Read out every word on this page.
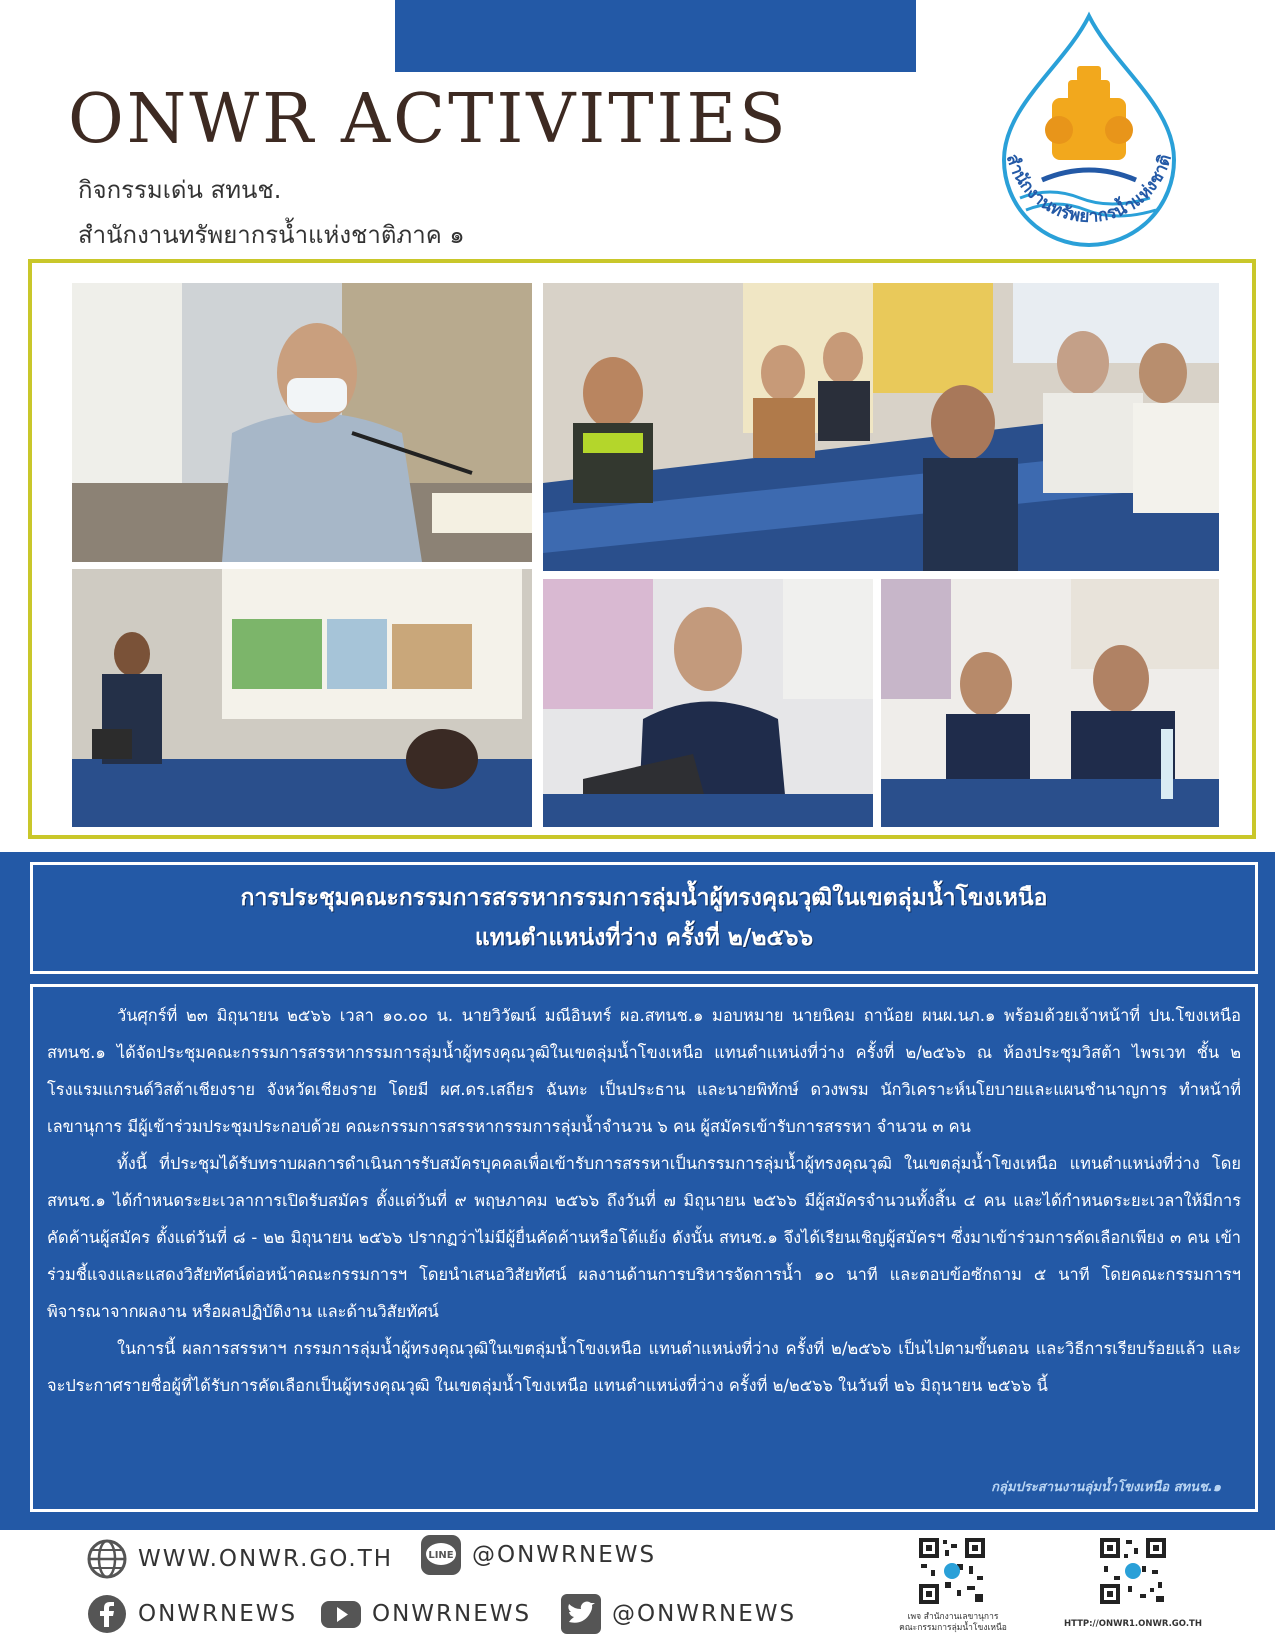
ONWR ACTIVITIES
กิจกรรมเด่น สทนช.
สำนักงานทรัพยากรน้ำแห่งชาติภาค ๑
สำนักงานทรัพยากรน้ำแห่งชาติ
การประชุมคณะกรรมการสรรหากรรมการลุ่มน้ำผู้ทรงคุณวุฒิในเขตลุ่มน้ำโขงเหนือ
แทนตำแหน่งที่ว่าง ครั้งที่ ๒/๒๕๖๖

วันศุกร์ที่ ๒๓ มิถุนายน ๒๕๖๖ เวลา ๑๐.๐๐ น. นายวิวัฒน์ มณีอินทร์ ผอ.สทนช.๑ มอบหมาย นายนิคม ถาน้อย ผนผ.นภ.๑ พร้อมด้วยเจ้าหน้าที่ ปน.โขงเหนือ สทนช.๑ ได้จัดประชุมคณะกรรมการสรรหากรรมการลุ่มน้ำผู้ทรงคุณวุฒิในเขตลุ่มน้ำโขงเหนือ แทนตำแหน่งที่ว่าง ครั้งที่ ๒/๒๕๖๖ ณ ห้องประชุมวิสต้า ไพรเวท ชั้น ๒ โรงแรมแกรนด์วิสต้าเชียงราย จังหวัดเชียงราย โดยมี ผศ.ดร.เสถียร ฉันทะ เป็นประธาน และนายพิทักษ์ ดวงพรม นักวิเคราะห์นโยบายและแผนชำนาญการ ทำหน้าที่เลขานุการ มีผู้เข้าร่วมประชุมประกอบด้วย คณะกรรมการสรรหากรรมการลุ่มน้ำจำนวน ๖ คน ผู้สมัครเข้ารับการสรรหา จำนวน ๓ คน

ทั้งนี้ ที่ประชุมได้รับทราบผลการดำเนินการรับสมัครบุคคลเพื่อเข้ารับการสรรหาเป็นกรรมการลุ่มน้ำผู้ทรงคุณวุฒิ ในเขตลุ่มน้ำโขงเหนือ แทนตำแหน่งที่ว่าง โดย สทนช.๑ ได้กำหนดระยะเวลาการเปิดรับสมัคร ตั้งแต่วันที่ ๙ พฤษภาคม ๒๕๖๖ ถึงวันที่ ๗ มิถุนายน ๒๕๖๖ มีผู้สมัครจำนวนทั้งสิ้น ๔ คน และได้กำหนดระยะเวลาให้มีการคัดค้านผู้สมัคร ตั้งแต่วันที่ ๘ - ๒๒ มิถุนายน ๒๕๖๖ ปรากฏว่าไม่มีผู้ยื่นคัดค้านหรือโต้แย้ง ดังนั้น สทนช.๑ จึงได้เรียนเชิญผู้สมัครฯ ซึ่งมาเข้าร่วมการคัดเลือกเพียง ๓ คน เข้าร่วมชี้แจงและแสดงวิสัยทัศน์ต่อหน้าคณะกรรมการฯ โดยนำเสนอวิสัยทัศน์ ผลงานด้านการบริหารจัดการน้ำ ๑๐ นาที และตอบข้อซักถาม ๕ นาที โดยคณะกรรมการฯ พิจารณาจากผลงาน หรือผลปฏิบัติงาน และด้านวิสัยทัศน์

ในการนี้ ผลการสรรหาฯ กรรมการลุ่มน้ำผู้ทรงคุณวุฒิในเขตลุ่มน้ำโขงเหนือ แทนตำแหน่งที่ว่าง ครั้งที่ ๒/๒๕๖๖ เป็นไปตามขั้นตอน และวิธีการเรียบร้อยแล้ว และจะประกาศรายชื่อผู้ที่ได้รับการคัดเลือกเป็นผู้ทรงคุณวุฒิ ในเขตลุ่มน้ำโขงเหนือ แทนตำแหน่งที่ว่าง ครั้งที่ ๒/๒๕๖๖ ในวันที่ ๒๖ มิถุนายน ๒๕๖๖ นี้

กลุ่มประสานงานลุ่มน้ำโขงเหนือ สทนช.๑
WWW.ONWR.GO.TH	LINE @ONWRNEWS
ONWRNEWS	ONWRNEWS	@ONWRNEWS	เพจ สำนักงานเลขานุการ
คณะกรรมการลุ่มน้ำโขงเหนือ	HTTP://ONWR1.ONWR.GO.TH
